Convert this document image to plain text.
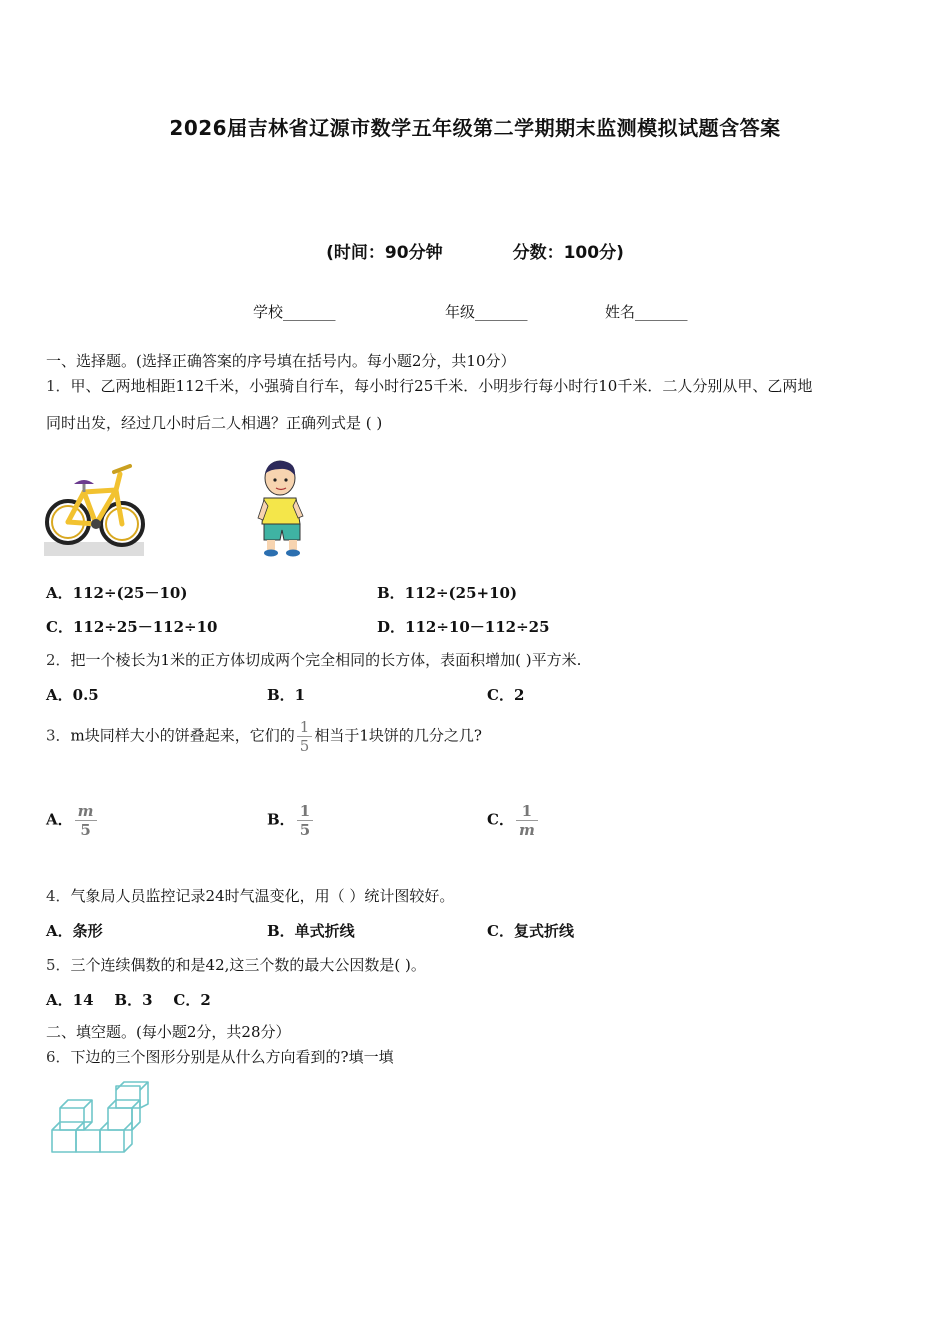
2026届吉林省辽源市数学五年级第二学期期末监测模拟试题含答案
(时间：90分钟	分数：100分)
学校_______	年级_______	姓名_______
一、选择题。(选择正确答案的序号填在括号内。每小题2分，共10分）
1．甲、乙两地相距112千米，小强骑自行车，每小时行25千米．小明步行每小时行10千米．二人分别从甲、乙两地
同时出发，经过几小时后二人相遇？正确列式是 ( )
A．112÷(25－10)	B．112÷(25+10)
C．112÷25－112÷10	D．112÷10－112÷25
2．把一个棱长为1米的正方体切成两个完全相同的长方体，表面积增加( )平方米.
A．0.5	B．1	C．2
3．m块同样大小的饼叠起来，它们的 $\frac{1}{5}$ 相当于1块饼的几分之几?
A． $\frac{m}{5}$	B． $\frac{1}{5}$	C． $\frac{1}{m}$
4．气象局人员监控记录24时气温变化，用（ ）统计图较好。
A．条形	B．单式折线	C．复式折线
5．三个连续偶数的和是42,这三个数的最大公因数是( )。
A．14    B．3    C．2
二、填空题。(每小题2分，共28分）
6．下边的三个图形分别是从什么方向看到的?填一填
